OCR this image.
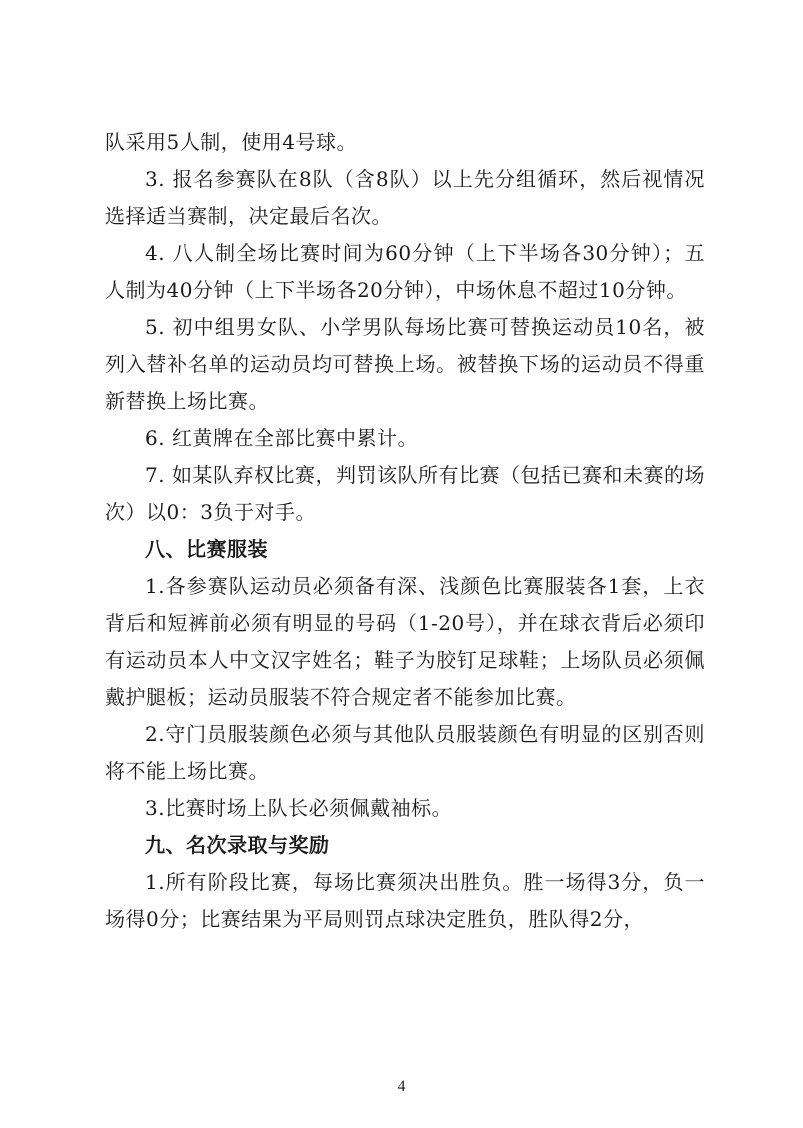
队采用5人制，使用4号球。

3. 报名参赛队在8队（含8队）以上先分组循环，然后视情况选择适当赛制，决定最后名次。

4. 八人制全场比赛时间为60分钟（上下半场各30分钟）；五人制为40分钟（上下半场各20分钟），中场休息不超过10分钟。

5. 初中组男女队、小学男队每场比赛可替换运动员10名，被列入替补名单的运动员均可替换上场。被替换下场的运动员不得重新替换上场比赛。

6. 红黄牌在全部比赛中累计。

7. 如某队弃权比赛，判罚该队所有比赛（包括已赛和未赛的场次）以0：3负于对手。

八、比赛服装

1.各参赛队运动员必须备有深、浅颜色比赛服装各1套，上衣背后和短裤前必须有明显的号码（1-20号），并在球衣背后必须印有运动员本人中文汉字姓名；鞋子为胶钉足球鞋；上场队员必须佩戴护腿板；运动员服装不符合规定者不能参加比赛。

2.守门员服装颜色必须与其他队员服装颜色有明显的区别否则将不能上场比赛。

3.比赛时场上队长必须佩戴袖标。

九、名次录取与奖励

1.所有阶段比赛，每场比赛须决出胜负。胜一场得3分，负一场得0分；比赛结果为平局则罚点球决定胜负，胜队得2分，

4
